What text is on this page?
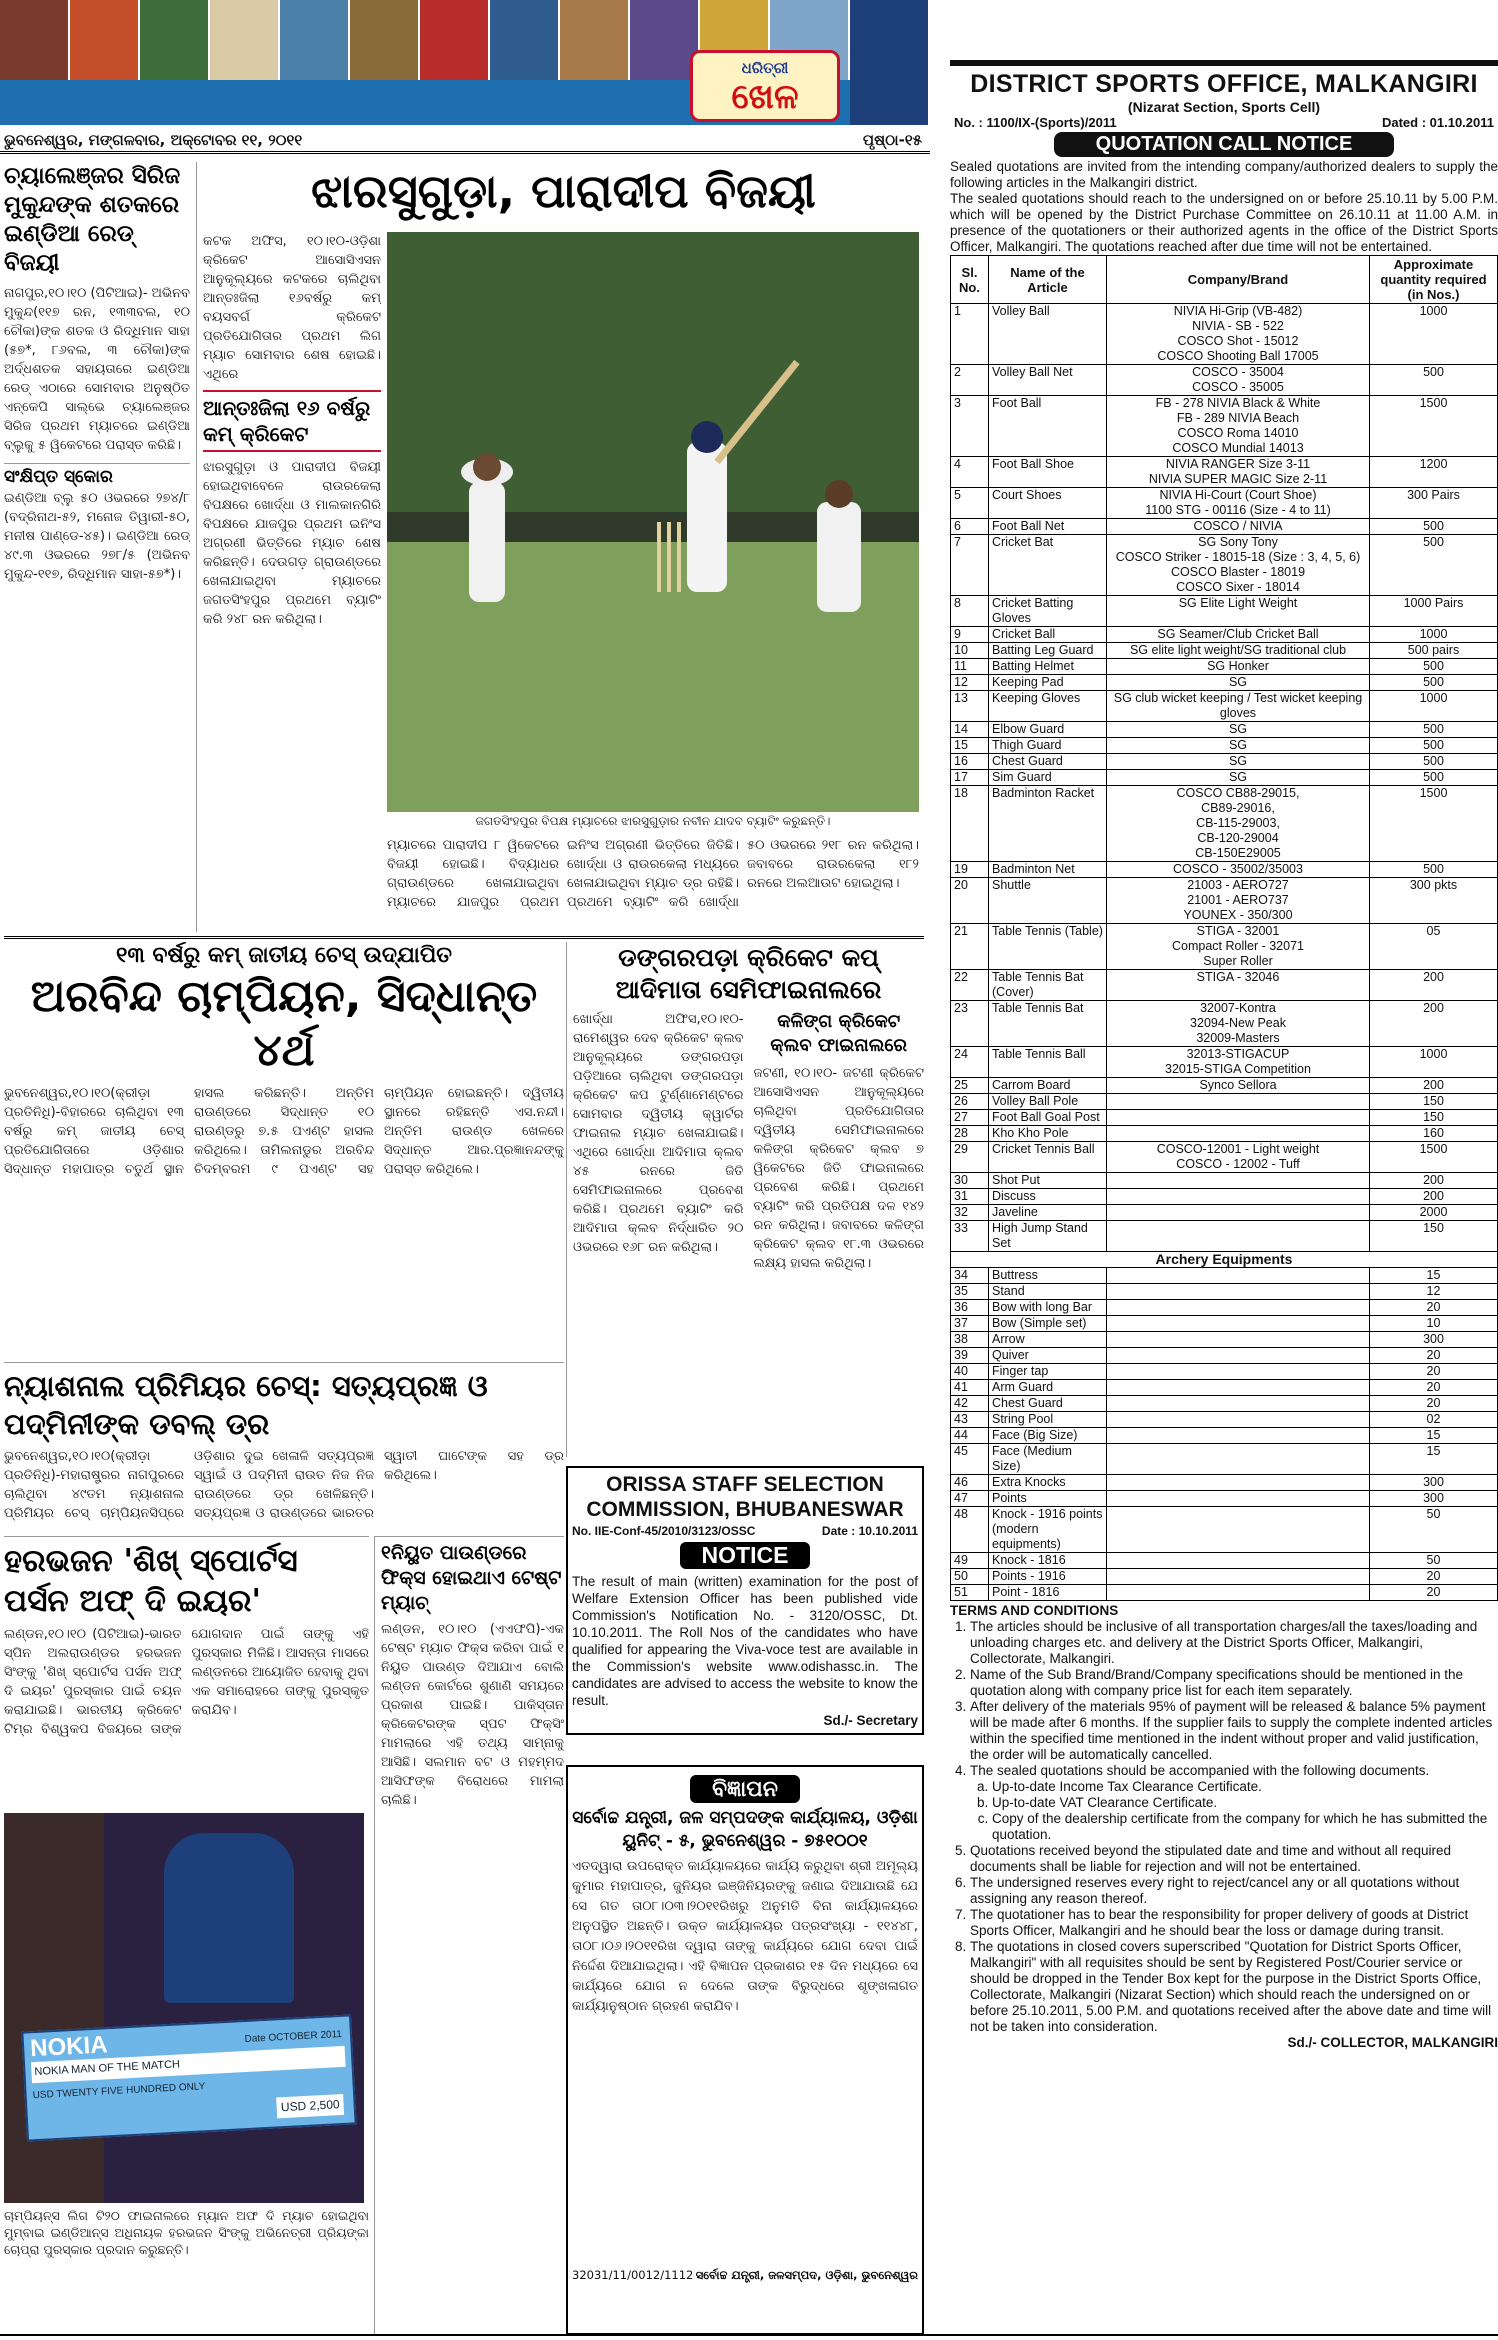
ଧରିତ୍ରୀ
ଖେଳ
ଭୁବନେଶ୍ୱର, ମଙ୍ଗଳବାର, ଅକ୍ଟୋବର ୧୧, ୨୦୧୧	ପୃଷ୍ଠା-୧୫
ଚ୍ୟାଲେଞ୍ଜର ସିରିଜ ମୁକୁନ୍ଦଙ୍କ ଶତକରେ ଇଣ୍ଡିଆ ରେଡ୍ ବିଜୟୀ
ନାଗପୁର,୧୦।୧୦ (ପିଟିଆଇ)- ଅଭିନବ ମୁକୁନ୍ଦ(୧୧୭ ରନ, ୧୩୩ବଲ, ୧୦ ଚୌକା)ଙ୍କ ଶତକ ଓ ରିଦ୍ଧିମାନ ସାହା (୫୭*, ୮୬ବଲ, ୩ ଚୌକା)ଙ୍କ ଅର୍ଦ୍ଧଶତକ ସହାୟତାରେ ଇଣ୍ଡିଆ ରେଡ୍ ଏଠାରେ ସୋମବାର ଅନୁଷ୍ଠିତ ଏନ୍‌କେପି ସାଲ୍‌ଭେ ଚ୍ୟାଲେଞ୍ଜର ସିରିଜ ପ୍ରଥମ ମ୍ୟାଚରେ ଇଣ୍ଡିଆ ବ୍ଲୁକୁ ୫ ୱିକେଟରେ ପରାସ୍ତ କରିଛି।
ସଂକ୍ଷିପ୍ତ ସ୍କୋର
ଇଣ୍ଡିଆ ବ୍ଲୁ ୫୦ ଓଭରରେ ୨୭୪/୮ (ବଦ୍ରିନାଥ-୫୨, ମନୋଜ ତିୱାରୀ-୫୦, ମନୀଷ ପାଣ୍ଡେ-୪୫)। ଇଣ୍ଡିଆ ରେଡ୍ ୪୯.୩ ଓଭରରେ ୨୭୮/୫ (ଅଭିନବ ମୁକୁନ୍ଦ-୧୧୭, ରିଦ୍ଧିମାନ ସାହା-୫୭*)।
ଝାରସୁଗୁଡ଼ା, ପାରାଦୀପ ବିଜୟୀ
କଟକ ଅଫିସ, ୧୦।୧୦-ଓଡ଼ିଶା କ୍ରିକେଟ ଆସୋସିଏସନ ଆନୁକୂଲ୍ୟରେ କଟକରେ ଚାଲିଥିବା ଆନ୍ତଃଜିଲା ୧୬ବର୍ଷରୁ କମ୍ ବୟସବର୍ଗ କ୍ରିକେଟ ପ୍ରତିଯୋଗିତାର ପ୍ରଥମ ଲିଗ ମ୍ୟାଚ ସୋମବାର ଶେଷ ହୋଇଛି। ଏଥିରେ
ଆନ୍ତଃଜିଲା ୧୬ ବର୍ଷରୁ କମ୍ କ୍ରିକେଟ
ଝାରସୁଗୁଡ଼ା ଓ ପାରାଦୀପ ବିଜୟୀ ହୋଇଥିବାବେଳେ ରାଉରକେଲା ବିପକ୍ଷରେ ଖୋର୍ଦ୍ଧା ଓ ମାଲକାନଗିରି ବିପକ୍ଷରେ ଯାଜପୁର ପ୍ରଥମ ଇନିଂସ ଅଗ୍ରଣୀ ଭିତ୍ତିରେ ମ୍ୟାଚ ଶେଷ କରିଛନ୍ତି। ଦେଉଗଡ଼ ଗ୍ରାଉଣ୍ଡରେ ଖେଳାଯାଇଥିବା ମ୍ୟାଚରେ ଜଗତସିଂହପୁର ପ୍ରଥମେ ବ୍ୟାଟିଂ କରି ୨୪୮ ରନ କରିଥିଲା।
ଜଗତସିଂହପୁର ବିପକ୍ଷ ମ୍ୟାଚରେ ଝାରସୁଗୁଡ଼ାର ନବୀନ ଯାଦବ ବ୍ୟାଟିଂ କରୁଛନ୍ତି।
ମ୍ୟାଚରେ ପାରାଦୀପ ୮ ୱିକେଟରେ ବିଜୟୀ ହୋଇଛି। ବିଦ୍ୟାଧର ଗ୍ରାଉଣ୍ଡରେ ଖେଳାଯାଇଥିବା ମ୍ୟାଚରେ ଯାଜପୁର ପ୍ରଥମ ଇନିଂସ ଅଗ୍ରଣୀ ଭିତ୍ତିରେ ଜିତିଛି। ଖୋର୍ଦ୍ଧା ଓ ରାଉରକେଲା ମଧ୍ୟରେ ଖେଳାଯାଇଥିବା ମ୍ୟାଚ ଡ୍ର ରହିଛି। ପ୍ରଥମେ ବ୍ୟାଟିଂ କରି ଖୋର୍ଦ୍ଧା ୫୦ ଓଭରରେ ୨୧୮ ରନ କରିଥିଲା। ଜବାବରେ ରାଉରକେଲା ୧୮୨ ରନରେ ଅଲଆଉଟ ହୋଇଥିଲା।
୧୩ ବର୍ଷରୁ କମ୍ ଜାତୀୟ ଚେସ୍ ଉଦ୍ଯାପିତ
ଅରବିନ୍ଦ ଚାମ୍ପିୟନ, ସିଦ୍ଧାନ୍ତ ୪ର୍ଥ
ଭୁବନେଶ୍ୱର,୧୦।୧୦(କ୍ରୀଡ଼ା ପ୍ରତିନିଧି)-ବିହାରରେ ଚାଲିଥିବା ୧୩ ବର୍ଷରୁ କମ୍ ଜାତୀୟ ଚେସ୍ ପ୍ରତିଯୋଗିତାରେ ଓଡ଼ିଶାର ସିଦ୍ଧାନ୍ତ ମହାପାତ୍ର ଚତୁର୍ଥ ସ୍ଥାନ ହାସଲ କରିଛନ୍ତି। ଅନ୍ତିମ ରାଉଣ୍ଡରେ ସିଦ୍ଧାନ୍ତ ୧୦ ରାଉଣ୍ଡରୁ ୭.୫ ପଏଣ୍ଟ ହାସଲ କରିଥିଲେ। ତାମିଲନାଡୁର ଅରବିନ୍ଦ ଚିଦମ୍ବରମ ୯ ପଏଣ୍ଟ ସହ ଚାମ୍ପିୟନ ହୋଇଛନ୍ତି। ଦ୍ୱିତୀୟ ସ୍ଥାନରେ ରହିଛନ୍ତି ଏସ.ନନ୍ଦୀ। ଅନ୍ତିମ ରାଉଣ୍ଡ ଖେଳରେ ସିଦ୍ଧାନ୍ତ ଆର.ପ୍ରଜ୍ଞାନନ୍ଦଙ୍କୁ ପରାସ୍ତ କରିଥିଲେ।
ଡଙ୍ଗରପଡ଼ା କ୍ରିକେଟ କପ୍ ଆଦିମାତା ସେମିଫାଇନାଲରେ
ଖୋର୍ଦ୍ଧା ଅଫିସ,୧୦।୧୦-ରାମେଶ୍ୱର ଦେବ କ୍ରିକେଟ କ୍ଲବ ଆନୁକୂଲ୍ୟରେ ଡଙ୍ଗରପଡ଼ା ପଡ଼ିଆରେ ଚାଲିଥିବା ଡଙ୍ଗରପଡ଼ା କ୍ରିକେଟ କପ ଟୁର୍ଣ୍ଣାମେଣ୍ଟରେ ସୋମବାର ଦ୍ୱିତୀୟ କ୍ୱାର୍ଟର ଫାଇନାଲ ମ୍ୟାଚ ଖେଳାଯାଇଛି। ଏଥିରେ ଖୋର୍ଦ୍ଧା ଆଦିମାତା କ୍ଲବ ୪୫ ରନରେ ଜିତି ସେମିଫାଇନାଲରେ ପ୍ରବେଶ କରିଛି। ପ୍ରଥମେ ବ୍ୟାଟିଂ କରି ଆଦିମାତା କ୍ଲବ ନିର୍ଦ୍ଧାରିତ ୨୦ ଓଭରରେ ୧୬୮ ରନ କରିଥିଲା।
କଳିଙ୍ଗ କ୍ରିକେଟ କ୍ଲବ ଫାଇନାଲରେ
ଜଟଣୀ, ୧୦।୧୦- ଜଟଣୀ କ୍ରିକେଟ ଆସୋସିଏସନ ଆନୁକୂଲ୍ୟରେ ଚାଲିଥିବା ପ୍ରତିଯୋଗିତାର ଦ୍ୱିତୀୟ ସେମିଫାଇନାଲରେ କଳିଙ୍ଗ କ୍ରିକେଟ କ୍ଲବ ୭ ୱିକେଟରେ ଜିତି ଫାଇନାଲରେ ପ୍ରବେଶ କରିଛି। ପ୍ରଥମେ ବ୍ୟାଟିଂ କରି ପ୍ରତିପକ୍ଷ ଦଳ ୧୪୨ ରନ କରିଥିଲା। ଜବାବରେ କଳିଙ୍ଗ କ୍ରିକେଟ କ୍ଲବ ୧୮.୩ ଓଭରରେ ଲକ୍ଷ୍ୟ ହାସଲ କରିଥିଲା।
ନ୍ୟାଶନାଲ ପ୍ରିମିୟର ଚେସ୍: ସତ୍ୟପ୍ରଜ୍ଞ ଓ ପଦ୍ମିନୀଙ୍କ ଡବଲ୍ ଡ୍ର
ଭୁବନେଶ୍ୱର,୧୦।୧୦(କ୍ରୀଡ଼ା ପ୍ରତିନିଧି)-ମହାରାଷ୍ଟ୍ରର ନାଗପୁରରେ ଚାଲିଥିବା ୪୯ତମ ନ୍ୟାଶନାଲ ପ୍ରିମିୟର ଚେସ୍ ଚାମ୍ପିୟନସିପ୍‌ରେ ଓଡ଼ିଶାର ଦୁଇ ଖେଳାଳି ସତ୍ୟପ୍ରଜ୍ଞ ସ୍ୱାଇଁ ଓ ପଦ୍ମିନୀ ରାଉତ ନିଜ ନିଜ ରାଉଣ୍ଡରେ ଡ୍ର ଖେଳିଛନ୍ତି। ସତ୍ୟପ୍ରଜ୍ଞ ଓ ରାଉଣ୍ଡରେ ଭାରତର ସ୍ୱାତୀ ଘାଟେଙ୍କ ସହ ଡ୍ର କରିଥିଲେ।
ହରଭଜନ 'ଶିଖ୍ ସ୍ପୋର୍ଟସ ପର୍ସନ ଅଫ୍ ଦି ଇୟର'
ଲଣ୍ଡନ,୧୦।୧୦ (ପିଟିଆଇ)-ଭାରତ ସ୍ପିନ ଅଲରାଉଣ୍ଡର ହରଭଜନ ସିଂଙ୍କୁ 'ଶିଖ୍ ସ୍ପୋର୍ଟସ ପର୍ସନ ଅଫ୍ ଦି ଇୟର' ପୁରସ୍କାର ପାଇଁ ଚୟନ କରାଯାଇଛି। ଭାରତୀୟ କ୍ରିକେଟ ଟିମ୍‌ର ବିଶ୍ୱକପ ବିଜୟରେ ତାଙ୍କ ଯୋଗଦାନ ପାଇଁ ତାଙ୍କୁ ଏହି ପୁରସ୍କାର ମିଳିଛି। ଆସନ୍ତା ମାସରେ ଲଣ୍ଡନରେ ଆୟୋଜିତ ହେବାକୁ ଥିବା ଏକ ସମାରୋହରେ ତାଙ୍କୁ ପୁରସ୍କୃତ କରାଯିବ।
NOKIA	Date OCTOBER 2011
NOKIA MAN OF THE MATCH
USD TWENTY FIVE HUNDRED ONLY
USD 2,500
ଚାମ୍ପିୟନ୍ସ ଲିଗ ଟି୨୦ ଫାଇନାଲରେ ମ୍ୟାନ ଅଫ ଦି ମ୍ୟାଚ ହୋଇଥିବା ମୁମ୍ବାଇ ଇଣ୍ଡିଆନ୍ସ ଅଧିନାୟକ ହରଭଜନ ସିଂଙ୍କୁ ଅଭିନେତ୍ରୀ ପ୍ରିୟଙ୍କା ଚୋପ୍ରା ପୁରସ୍କାର ପ୍ରଦାନ କରୁଛନ୍ତି।
୧ନିୟୁତ ପାଉଣ୍ଡରେ ଫିକ୍ସ ହୋଇଥାଏ ଟେଷ୍ଟ ମ୍ୟାଚ୍
ଲଣ୍ଡନ, ୧୦।୧୦ (ଏଏଫପି)-ଏକ ଟେଷ୍ଟ ମ୍ୟାଚ ଫିକ୍ସ କରିବା ପାଇଁ ୧ ନିୟୁତ ପାଉଣ୍ଡ ଦିଆଯାଏ ବୋଲି ଲଣ୍ଡନ କୋର୍ଟରେ ଶୁଣାଣି ସମୟରେ ପ୍ରକାଶ ପାଇଛି। ପାକିସ୍ତାନ କ୍ରିକେଟରଙ୍କ ସ୍ପଟ ଫିକ୍ସିଂ ମାମଲାରେ ଏହି ତଥ୍ୟ ସାମ୍ନାକୁ ଆସିଛି। ସଲମାନ ବଟ ଓ ମହମ୍ମଦ ଆସିଫଙ୍କ ବିରୋଧରେ ମାମଲା ଚାଲିଛି।
ORISSA STAFF SELECTION COMMISSION, BHUBANESWAR
No. IIE-Conf-45/2010/3123/OSSC	Date : 10.10.2011
NOTICE
The result of main (written) examination for the post of Welfare Extension Officer has been published vide Commission's Notification No. - 3120/OSSC, Dt. 10.10.2011. The Roll Nos of the candidates who have qualified for appearing the Viva-voce test are available in the Commission's website www.odishassc.in. The candidates are advised to access the website to know the result.
Sd./- Secretary
ବିଜ୍ଞାପନ
ସର୍ବୋଚ୍ଚ ଯନ୍ତ୍ରୀ, ଜଳ ସମ୍ପଦଙ୍କ କାର୍ଯ୍ୟାଳୟ, ଓଡ଼ିଶା
ୟୁନିଟ୍ - ୫, ଭୁବନେଶ୍ୱର - ୭୫୧୦୦୧
ଏତଦ୍ୱାରା ଉପରୋକ୍ତ କାର୍ଯ୍ୟାଳୟରେ କାର୍ଯ୍ୟ କରୁଥିବା ଶ୍ରୀ ଅମୂଲ୍ୟ କୁମାର ମହାପାତ୍ର, ଜୁନିୟର ଇଞ୍ଜିନିୟରଙ୍କୁ ଜଣାଇ ଦିଆଯାଉଛି ଯେ ସେ ଗତ ତା୦୮।୦୩।୨୦୧୧ରିଖରୁ ଅନୁମତି ବିନା କାର୍ଯ୍ୟାଳୟରେ ଅନୁପସ୍ଥିତ ଅଛନ୍ତି। ଉକ୍ତ କାର୍ଯ୍ୟାଳୟର ପତ୍ରସଂଖ୍ୟା - ୧୧୪୪୮, ତା୦୮।୦୬।୨୦୧୧ରିଖ ଦ୍ୱାରା ତାଙ୍କୁ କାର୍ଯ୍ୟରେ ଯୋଗ ଦେବା ପାଇଁ ନିର୍ଦ୍ଦେଶ ଦିଆଯାଇଥିଲା। ଏହି ବିଜ୍ଞାପନ ପ୍ରକାଶର ୧୫ ଦିନ ମଧ୍ୟରେ ସେ କାର୍ଯ୍ୟରେ ଯୋଗ ନ ଦେଲେ ତାଙ୍କ ବିରୁଦ୍ଧରେ ଶୃଙ୍ଖଳାଗତ କାର୍ଯ୍ୟାନୁଷ୍ଠାନ ଗ୍ରହଣ କରାଯିବ।
32031/11/0012/1112 ସର୍ବୋଚ୍ଚ ଯନ୍ତ୍ରୀ, ଜଳସମ୍ପଦ, ଓଡ଼ିଶା, ଭୁବନେଶ୍ୱର
DISTRICT SPORTS OFFICE, MALKANGIRI
(Nizarat Section, Sports Cell)
No. : 1100/IX-(Sports)/2011	Dated : 01.10.2011
QUOTATION CALL NOTICE
Sealed quotations are invited from the intending company/authorized dealers to supply the following articles in the Malkangiri district.
The sealed quotations should reach to the undersigned on or before 25.10.11 by 5.00 P.M. which will be opened by the District Purchase Committee on 26.10.11 at 11.00 A.M. in presence of the quotationers or their authorized agents in the office of the District Sports Officer, Malkangiri. The quotations reached after due time will not be entertained.
Sl. No.	Name of the Article	Company/Brand	Approximate quantity required (in Nos.)
1	Volley Ball	NIVIA Hi-Grip (VB-482)
NIVIA - SB - 522
COSCO Shot - 15012
COSCO Shooting Ball 17005	1000
2	Volley Ball Net	COSCO - 35004
COSCO - 35005	500
3	Foot Ball	FB - 278 NIVIA Black & White
FB - 289 NIVIA Beach
COSCO Roma 14010
COSCO Mundial 14013	1500
4	Foot Ball Shoe	NIVIA RANGER Size 3-11
NIVIA SUPER MAGIC Size 2-11	1200
5	Court Shoes	NIVIA Hi-Court (Court Shoe)
1100 STG - 00116 (Size - 4 to 11)	300 Pairs
6	Foot Ball Net	COSCO / NIVIA	500
7	Cricket Bat	SG Sony Tony
COSCO Striker - 18015-18 (Size : 3, 4, 5, 6)
COSCO Blaster - 18019
COSCO Sixer - 18014	500
8	Cricket Batting Gloves	SG Elite Light Weight	1000 Pairs
9	Cricket Ball	SG Seamer/Club Cricket Ball	1000
10	Batting Leg Guard	SG elite light weight/SG traditional club	500 pairs
11	Batting Helmet	SG Honker	500
12	Keeping Pad	SG	500
13	Keeping Gloves	SG club wicket keeping / Test wicket keeping gloves	1000
14	Elbow Guard	SG	500
15	Thigh Guard	SG	500
16	Chest Guard	SG	500
17	Sim Guard	SG	500
18	Badminton Racket	COSCO CB88-29015,
CB89-29016,
CB-115-29003,
CB-120-29004
CB-150E29005	1500
19	Badminton Net	COSCO - 35002/35003	500
20	Shuttle	21003 - AERO727
21001 - AERO737
YOUNEX - 350/300	300 pkts
21	Table Tennis (Table)	STIGA - 32001
Compact Roller - 32071
Super Roller	05
22	Table Tennis Bat (Cover)	STIGA - 32046	200
23	Table Tennis Bat	32007-Kontra
32094-New Peak
32009-Masters	200
24	Table Tennis Ball	32013-STIGACUP
32015-STIGA Competition	1000
25	Carrom Board	Synco Sellora	200
26	Volley Ball Pole		150
27	Foot Ball Goal Post		150
28	Kho Kho Pole		160
29	Cricket Tennis Ball	COSCO-12001 - Light weight
COSCO - 12002 - Tuff	1500
30	Shot Put		200
31	Discuss		200
32	Javeline		2000
33	High Jump Stand Set		150
Archery Equipments			
34	Buttress		15
35	Stand		12
36	Bow with long Bar		20
37	Bow (Simple set)		10
38	Arrow		300
39	Quiver		20
40	Finger tap		20
41	Arm Guard		20
42	Chest Guard		20
43	String Pool		02
44	Face (Big Size)		15
45	Face (Medium Size)		15
46	Extra Knocks		300
47	Points		300
48	Knock - 1916 points (modern equipments)		50
49	Knock - 1816		50
50	Points - 1916		20
51	Point - 1816		20
TERMS AND CONDITIONS
1. The articles should be inclusive of all transportation charges/all the taxes/loading and unloading charges etc. and delivery at the District Sports Officer, Malkangiri, Collectorate, Malkangiri.
2. Name of the Sub Brand/Brand/Company specifications should be mentioned in the quotation along with company price list for each item separately.
3. After delivery of the materials 95% of payment will be released & balance 5% payment will be made after 6 months. If the supplier fails to supply the complete indented articles within the specified time mentioned in the indent without proper and valid justification, the order will be automatically cancelled.
4. The sealed quotations should be accompanied with the following documents.
a. Up-to-date Income Tax Clearance Certificate.
b. Up-to-date VAT Clearance Certificate.
c. Copy of the dealership certificate from the company for which he has submitted the quotation.
5. Quotations received beyond the stipulated date and time and without all required documents shall be liable for rejection and will not be entertained.
6. The undersigned reserves every right to reject/cancel any or all quotations without assigning any reason thereof.
7. The quotationer has to bear the responsibility for proper delivery of goods at District Sports Officer, Malkangiri and he should bear the loss or damage during transit.
8. The quotations in closed covers superscribed "Quotation for District Sports Officer, Malkangiri" with all requisites should be sent by Registered Post/Courier service or should be dropped in the Tender Box kept for the purpose in the District Sports Office, Collectorate, Malkangiri (Nizarat Section) which should reach the undersigned on or before 25.10.2011, 5.00 P.M. and quotations received after the above date and time will not be taken into consideration.
Sd./- COLLECTOR, MALKANGIRI
